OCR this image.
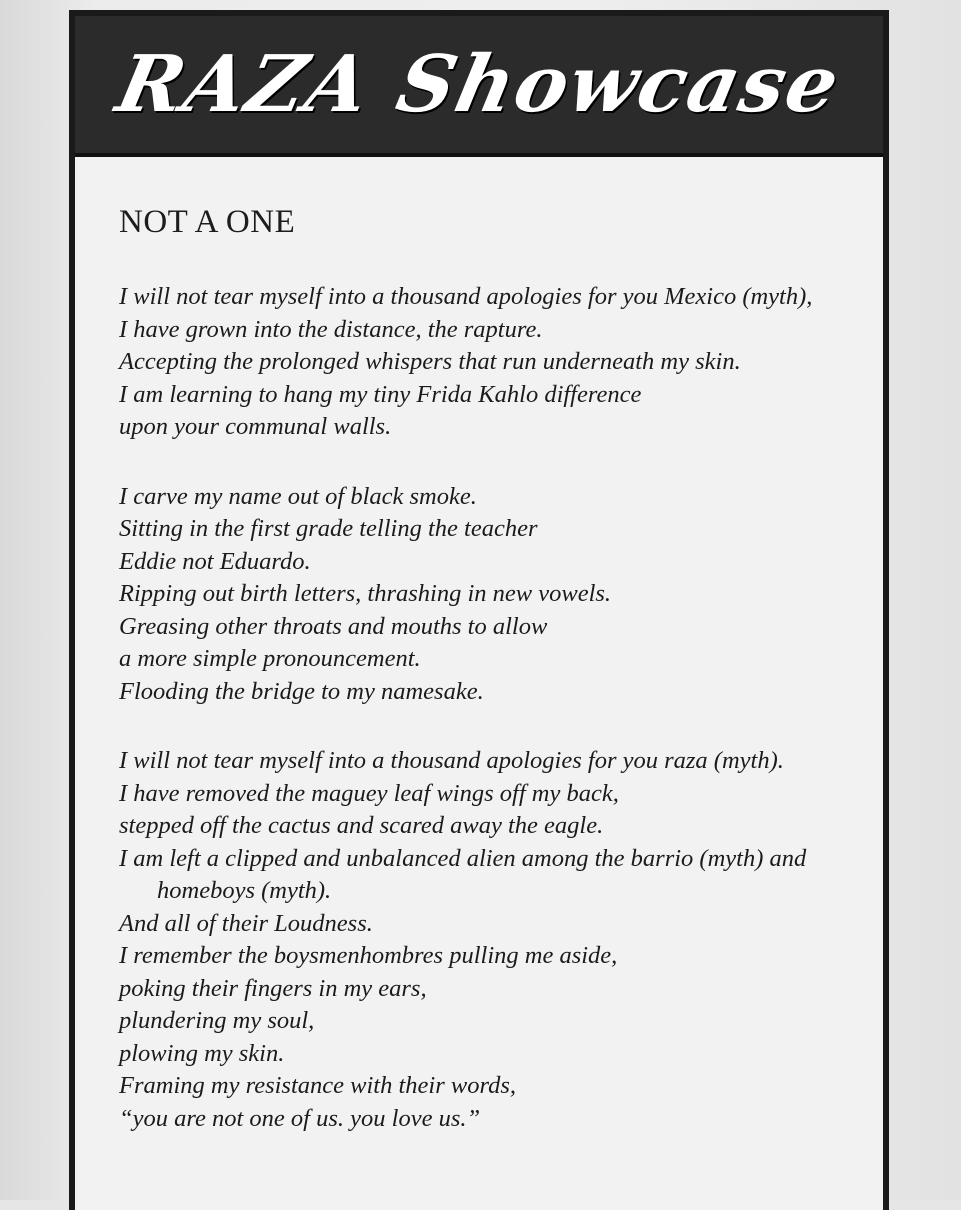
RAZA Showcase
NOT A ONE
I will not tear myself into a thousand apologies for you Mexico (myth),
I have grown into the distance, the rapture.
Accepting the prolonged whispers that run underneath my skin.
I am learning to hang my tiny Frida Kahlo difference
upon your communal walls.
I carve my name out of black smoke.
Sitting in the first grade telling the teacher
Eddie not Eduardo.
Ripping out birth letters, thrashing in new vowels.
Greasing other throats and mouths to allow
a more simple pronouncement.
Flooding the bridge to my namesake.
I will not tear myself into a thousand apologies for you raza (myth).
I have removed the maguey leaf wings off my back,
stepped off the cactus and scared away the eagle.
I am left a clipped and unbalanced alien among the barrio (myth) and
homeboys (myth).
And all of their Loudness.
I remember the boysmenhombres pulling me aside,
poking their fingers in my ears,
plundering my soul,
plowing my skin.
Framing my resistance with their words,
“you are not one of us. you love us.”
